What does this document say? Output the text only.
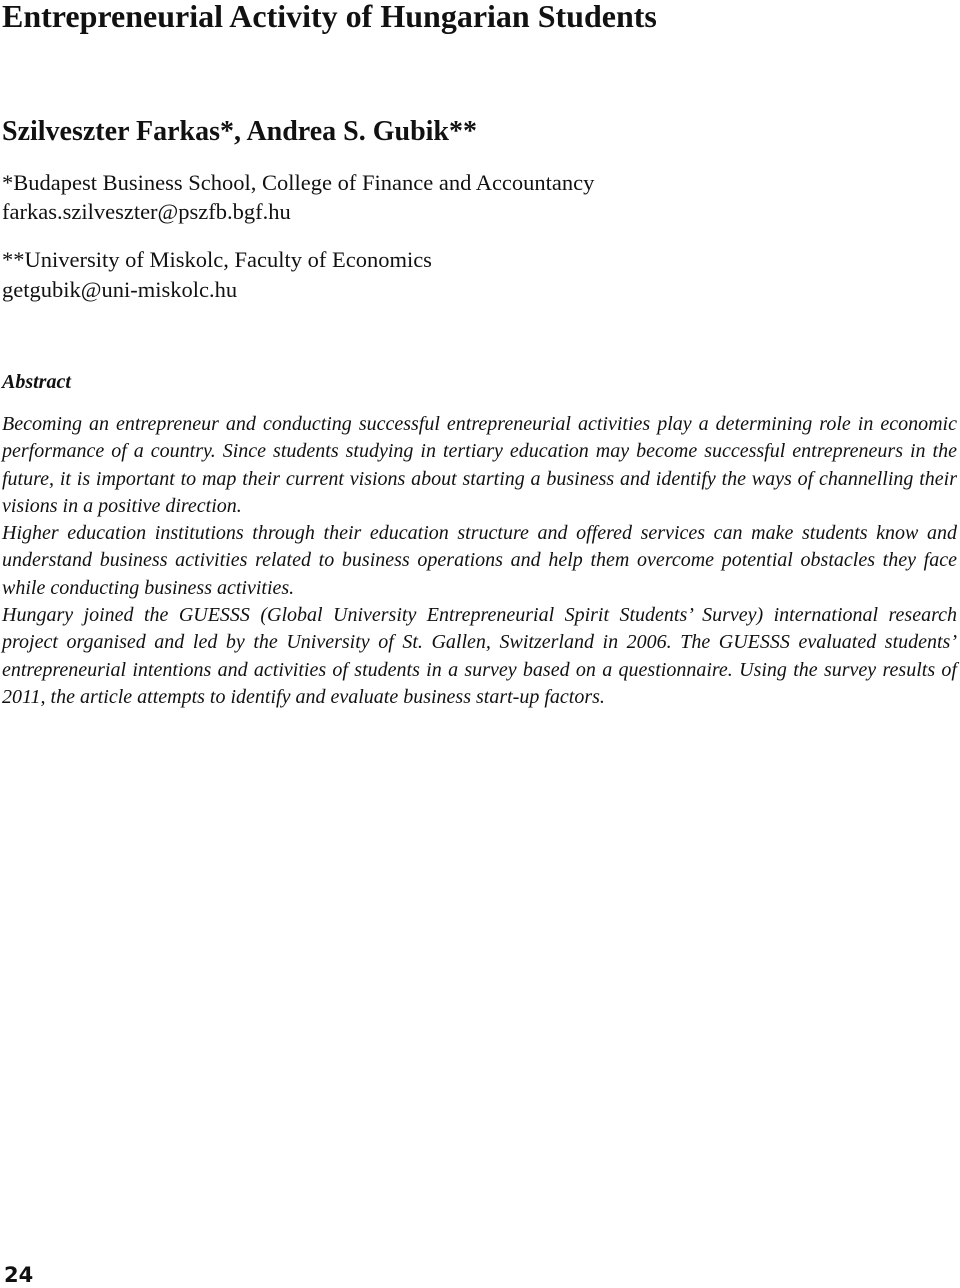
Entrepreneurial Activity of Hungarian Students
Szilveszter Farkas*, Andrea S. Gubik**

*Budapest Business School, College of Finance and Accountancy

farkas.szilveszter@pszfb.bgf.hu

**University of Miskolc, Faculty of Economics

getgubik@uni-miskolc.hu

Abstract

Becoming an entrepreneur and conducting successful entrepreneurial activities play a determining role in economic performance of a country. Since students studying in tertiary education may become successful entrepreneurs in the future, it is important to map their current visions about starting a business and identify the ways of channelling their visions in a positive direction.

Higher education institutions through their education structure and offered services can make students know and understand business activities related to business operations and help them overcome potential obstacles they face while conducting business activities.

Hungary joined the GUESSS (Global University Entrepreneurial Spirit Students’ Survey) international research project organised and led by the University of St. Gallen, Switzerland in 2006. The GUESSS evaluated students’ entrepreneurial intentions and activities of students in a survey based on a questionnaire. Using the survey results of 2011, the article attempts to identify and evaluate business start-up factors.

24
